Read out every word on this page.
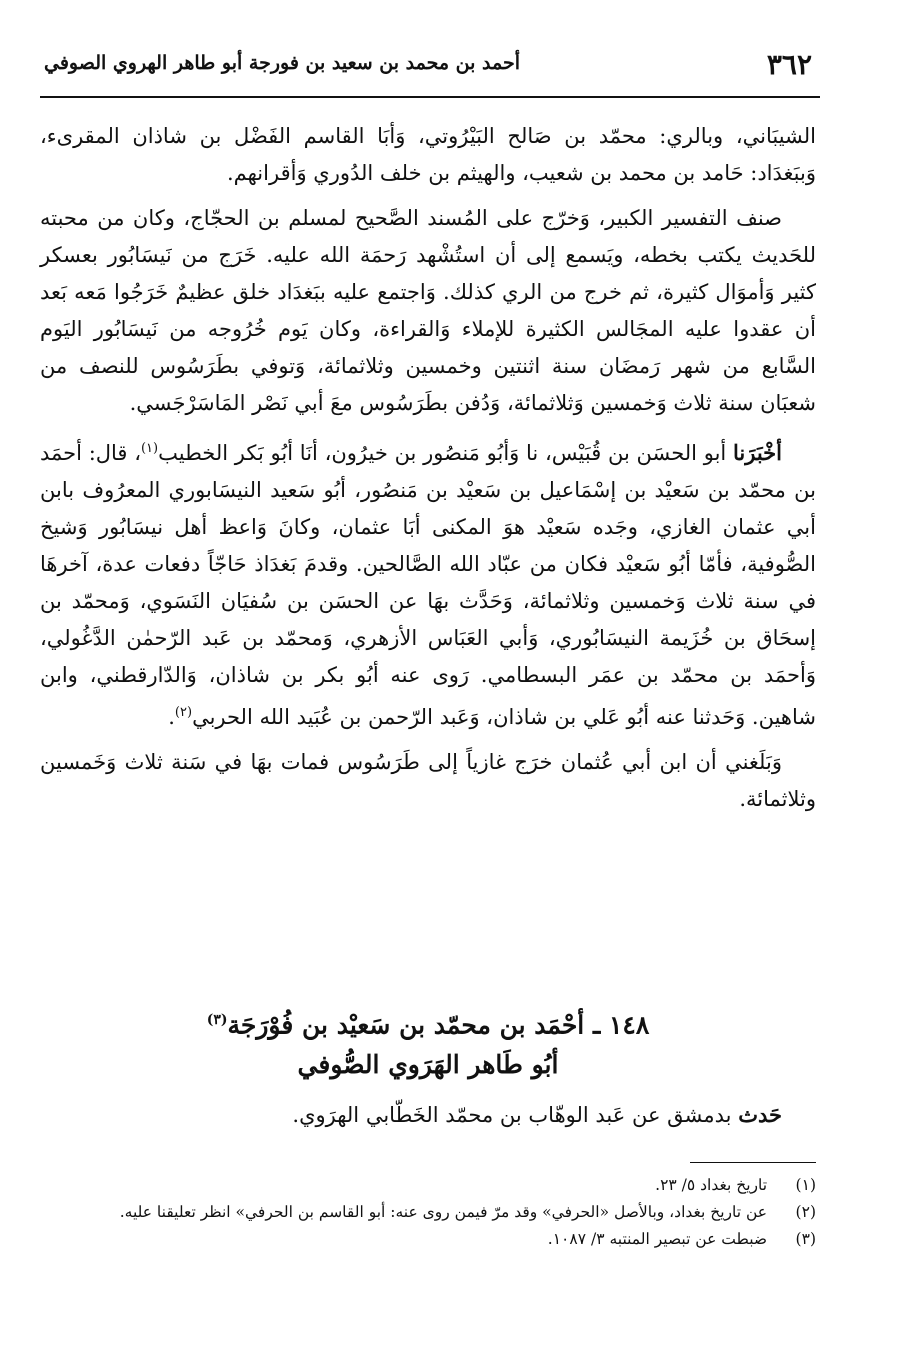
٣٦٢
أحمد بن محمد بن سعيد بن فورجة أبو طاهر الهروي الصوفي

الشيبَاني، وبالري: محمّد بن صَالح البَيْرُوتي، وَأبَا القاسم الفَضْل بن شاذان المقرىء، وَببَغدَاد: حَامد بن محمد بن شعيب، والهيثم بن خلف الدُوري وَأقرانهم.

صنف التفسير الكبير، وَخرّج على المُسند الصَّحيح لمسلم بن الحجّاج، وكان من محبته للحَديث يكتب بخطه، ويَسمع إلى أن استُشْهد رَحمَة الله عليه. خَرَج من نَيسَابُور بعسكر كثير وَأموَال كثيرة، ثم خرج من الري كذلك. وَاجتمع عليه ببَغدَاد خلق عظيمٌ خَرَجُوا مَعه بَعد أن عقدوا عليه المجَالس الكثيرة للإملاء وَالقراءة، وكان يَوم خُرُوجه من نَيسَابُور اليَوم السَّابع من شهر رَمضَان سنة اثنتين وخمسين وثلاثمائة، وَتوفي بطَرَسُوس للنصف من شعبَان سنة ثلاث وَخمسين وَثلاثمائة، وَدُفن بطَرَسُوس معَ أبي نَصْر المَاسَرْجَسي.

أخْبَرَنا أبو الحسَن بن قُبَيْس، نا وَأبُو مَنصُور بن خيرُون، أنَا أبُو بَكر الخطيب$^{(١)}$، قال: أحمَد بن محمّد بن سَعيْد بن إسْمَاعيل بن سَعيْد بن مَنصُور، أبُو سَعيد النيسَابوري المعرُوف بابن أبي عثمان الغازي، وجَده سَعيْد هوَ المكنى أبَا عثمان، وكانَ وَاعظ أهل نيسَابُور وَشيخ الصُّوفية، فأمّا أبُو سَعيْد فكان من عبّاد الله الصَّالحين. وقدمَ بَغدَاذ حَاجّاً دفعات عدة، آخرهَا في سنة ثلاث وَخمسين وثلاثمائة، وَحَدَّث بهَا عن الحسَن بن سُفيَان النَسَوي، وَمحمّد بن إسحَاق بن خُزَيمة النيسَابُوري، وَأبي العَبَاس الأزهري، وَمحمّد بن عَبد الرّحمٰن الدَّغُولي، وَأحمَد بن محمّد بن عمَر البسطامي. رَوى عنه أبُو بكر بن شاذان، وَالدّارقطني، وابن شاهين. وَحَدثنا عنه أبُو عَلي بن شاذان، وَعَبد الرّحمن بن عُبَيد الله الحربي$^{(٢)}$.

وَبَلَغني أن ابن أبي عُثمان خرَج غازياً إلى طَرَسُوس فمات بهَا في سَنة ثلاث وَخَمسين وثلاثمائة.

١٤٨ ـ أحْمَد بن محمّد بن سَعيْد بن فُوْرَجَة$^{(٣)}$
أبُو طَاهر الهَرَوي الصُّوفي
حَدث بدمشق عن عَبد الوهّاب بن محمّد الخَطّابي الهرَوي.
(١) تاريخ بغداد ٥/ ٢٣.
(٢) عن تاريخ بغداد، وبالأصل «الحرفي» وقد مرّ فيمن روى عنه: أبو القاسم بن الحرفي» انظر تعليقنا عليه.
(٣) ضبطت عن تبصير المنتبه ٣/ ١٠٨٧.
